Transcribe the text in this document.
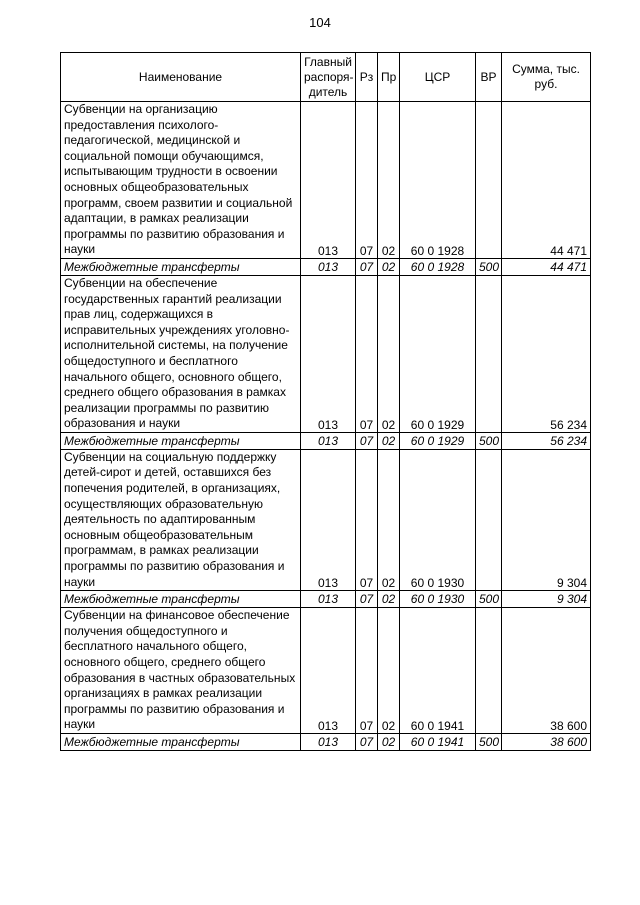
104
Наименование	Главный распоря-дитель	Рз	Пр	ЦСР	ВР	Сумма, тыс. руб.
Субвенции на организацию предоставления психолого-педагогической, медицинской и социальной помощи обучающимся, испытывающим трудности в освоении основных общеобразовательных программ, своем развитии и социальной адаптации, в рамках реализации программы по развитию образования и науки	013	07	02	60 0 1928		44 471
Межбюджетные трансферты	013	07	02	60 0 1928	500	44 471
Субвенции на обеспечение государственных гарантий реализации прав лиц, содержащихся в исправительных учреждениях уголовно-исполнительной системы, на получение общедоступного и бесплатного начального общего, основного общего, среднего общего образования в рамках реализации программы по развитию образования и науки	013	07	02	60 0 1929		56 234
Межбюджетные трансферты	013	07	02	60 0 1929	500	56 234
Субвенции на социальную поддержку детей-сирот и детей, оставшихся без попечения родителей, в организациях, осуществляющих образовательную деятельность по адаптированным основным общеобразовательным программам, в рамках реализации программы по развитию образования и науки	013	07	02	60 0 1930		9 304
Межбюджетные трансферты	013	07	02	60 0 1930	500	9 304
Субвенции на финансовое обеспечение получения общедоступного и бесплатного начального общего, основного общего, среднего общего образования в частных образовательных организациях в рамках реализации программы по развитию образования и науки	013	07	02	60 0 1941		38 600
Межбюджетные трансферты	013	07	02	60 0 1941	500	38 600
